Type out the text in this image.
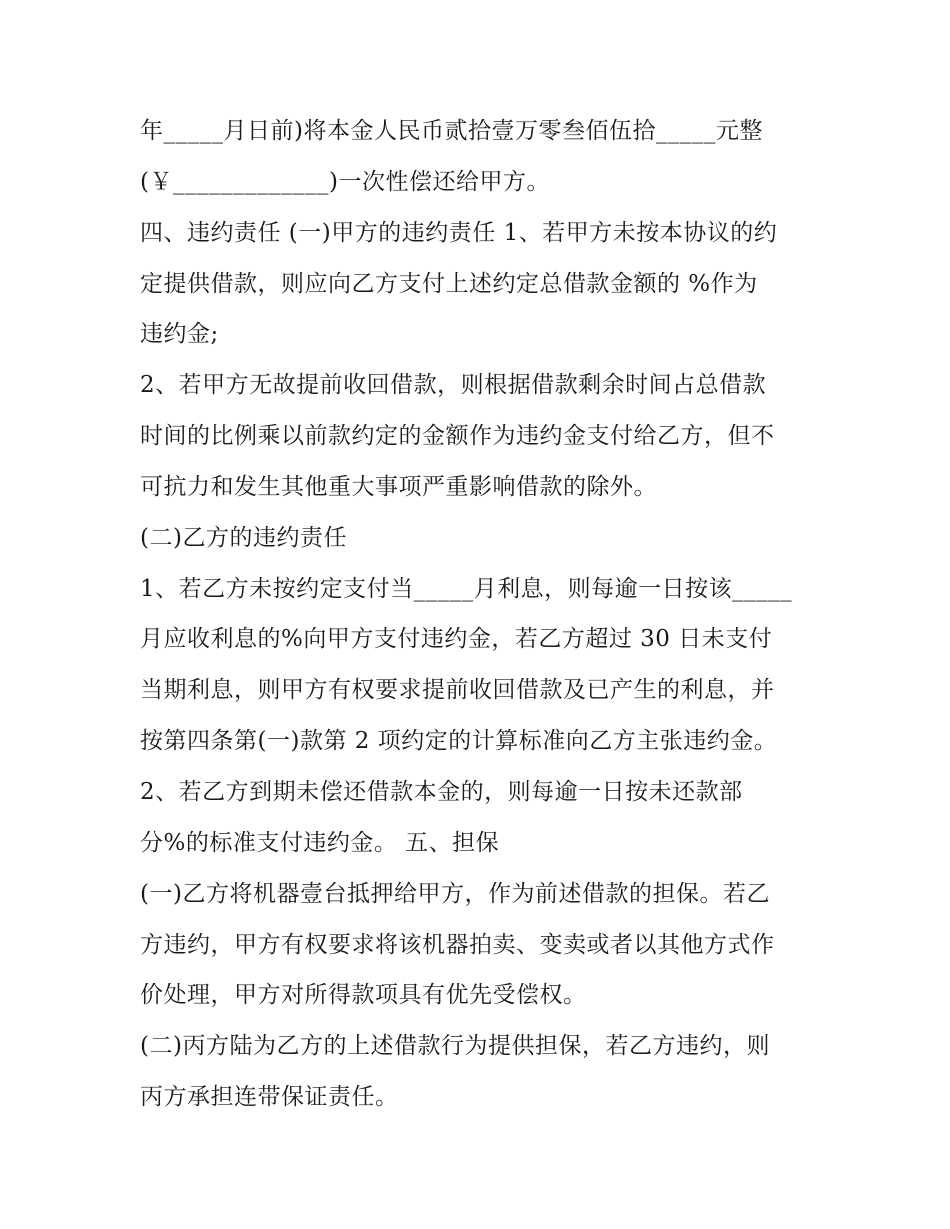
年_____月日前)将本金人民币贰拾壹万零叁佰伍拾_____元整
(￥_____________)一次性偿还给甲方。
四、违约责任 (一)甲方的违约责任 1、若甲方未按本协议的约
定提供借款，则应向乙方支付上述约定总借款金额的 %作为
违约金;
2、若甲方无故提前收回借款，则根据借款剩余时间占总借款
时间的比例乘以前款约定的金额作为违约金支付给乙方，但不
可抗力和发生其他重大事项严重影响借款的除外。
(二)乙方的违约责任
1、若乙方未按约定支付当_____月利息，则每逾一日按该_____
月应收利息的%向甲方支付违约金，若乙方超过 30 日未支付
当期利息，则甲方有权要求提前收回借款及已产生的利息，并
按第四条第(一)款第 2 项约定的计算标准向乙方主张违约金。
2、若乙方到期未偿还借款本金的，则每逾一日按未还款部
分%的标准支付违约金。 五、担保
(一)乙方将机器壹台抵押给甲方，作为前述借款的担保。若乙
方违约，甲方有权要求将该机器拍卖、变卖或者以其他方式作
价处理，甲方对所得款项具有优先受偿权。
(二)丙方陆为乙方的上述借款行为提供担保，若乙方违约，则
丙方承担连带保证责任。
